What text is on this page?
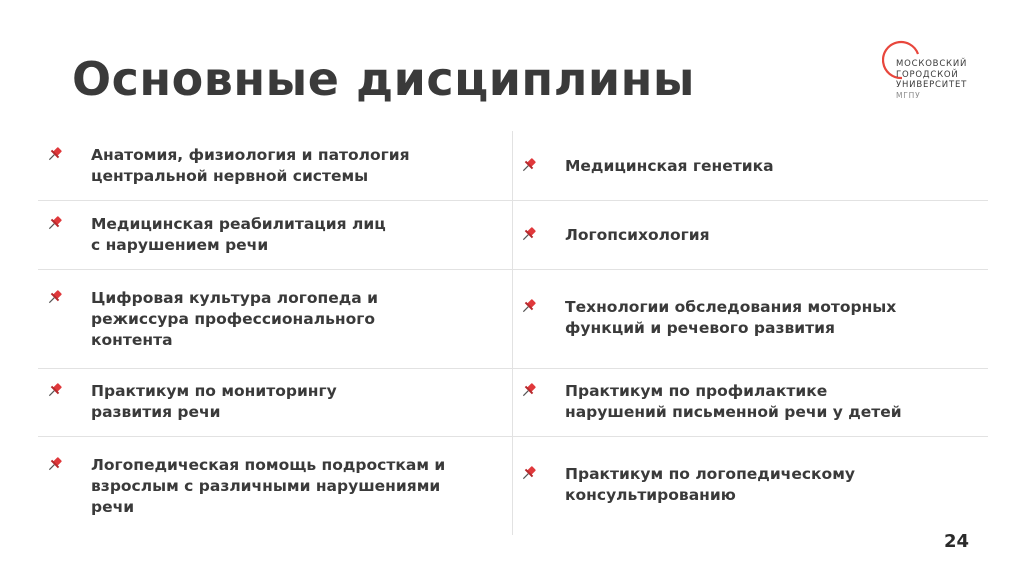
Основные дисциплины	МОСКОВСКИЙ
ГОРОДСКОЙ
УНИВЕРСИТЕТ
МГПУ
Анатомия, физиология и патология
центральной нервной системы
Медицинская реабилитация лиц
с нарушением речи
Цифровая культура логопеда и
режиссура профессионального
контента
Практикум по мониторингу
развития речи
Логопедическая помощь подросткам и
взрослым с различными нарушениями
речи
Медицинская генетика
Логопсихология
Технологии обследования моторных
функций и речевого развития
Практикум по профилактике
нарушений письменной речи у детей
Практикум по логопедическому
консультированию
24
